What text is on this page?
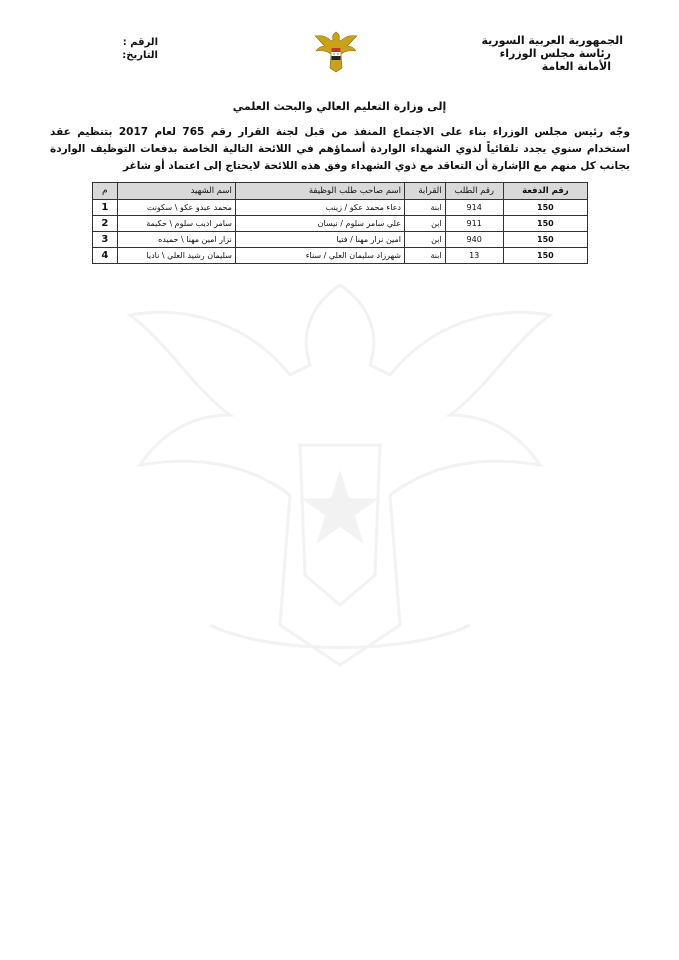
الجمهورية العربية السورية
رئاسة مجلس الوزراء
الأمانة العامة
الرقم :
التاريخ:
إلى وزارة التعليم العالي والبحث العلمي
وجّه رئيس مجلس الوزراء بناء على الاجتماع المنفذ من قبل لجنة القرار رقم 765 لعام 2017 بتنظيم عقد استخدام سنوي يجدد تلقائياً لذوي الشهداء الواردة أسماؤهم في اللائحة التالية الخاصة بدفعات التوظيف الواردة بجانب كل منهم مع الإشارة أن التعاقد مع ذوي الشهداء وفق هذه اللائحة لايحتاج إلى اعتماد أو شاغر
رقم الدفعة	رقم الطلب	القرابة	اسم صاحب طلب الوظيفة	اسم الشهيد	م
150	914	ابنة	دعاء محمد عكو / زينب	محمد عبدو عكو \ سكونت	1
150	911	ابن	علي سامر سلوم / نيسان	سامر اديب سلوم \ حكيمة	2
150	940	ابن	امين نزار مهنا / فتيا	نزار امين مهنا \ حميده	3
150	13	ابنة	شهرزاد سليمان العلي / سناء	سليمان رشيد العلي \ ناديا	4
